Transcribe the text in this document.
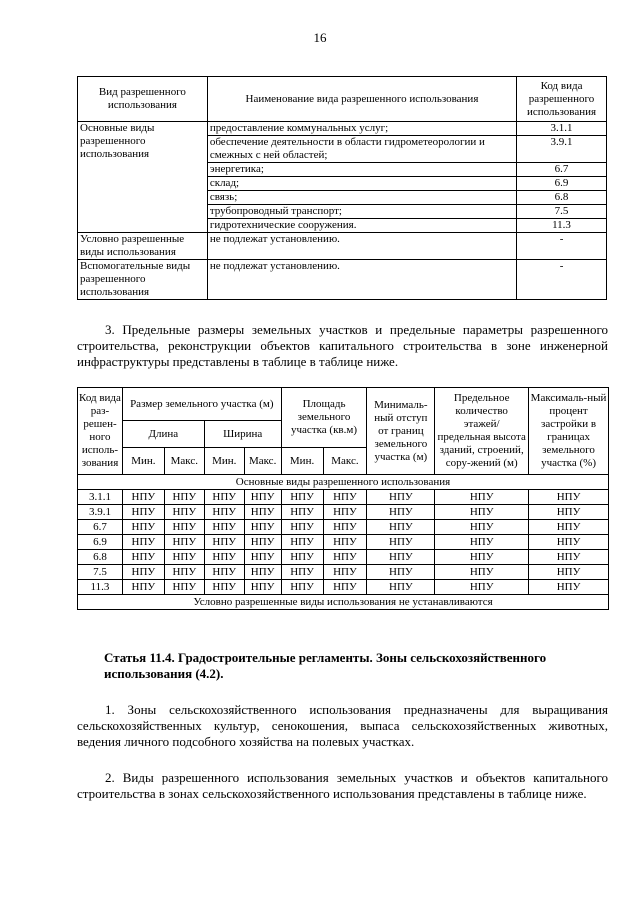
16
Вид разрешенного использования	Наименование вида разрешенного использования	Код вида разрешенного использования
Основные виды разрешенного использования	предоставление коммунальных услуг;	3.1.1
	обеспечение деятельности в области гидрометеорологии и смежных с ней областей;	3.9.1
	энергетика;	6.7
	склад;	6.9
	связь;	6.8
	трубопроводный транспорт;	7.5
	гидротехнические сооружения.	11.3
Условно разрешенные виды использования	не подлежат установлению.	-
Вспомогательные виды разрешенного использования	не подлежат установлению.	-

3. Предельные размеры земельных участков и предельные параметры разрешенного строительства, реконструкции объектов капитального строительства в зоне инженерной инфраструктуры представлены в таблице в таблице ниже.

Код вида раз-решен-ного исполь-зования	Размер земельного участка (м)				Площадь земельного участка (кв.м)		Минималь-ный отступ от границ земельного участка (м)	Предельное количество этажей/ предельная высота зданий, строений, сору-жений (м)	Максималь-ный процент застройки в границах земельного участка (%)
	Длина		Ширина						
	Мин.	Макс.	Мин.	Макс.	Мин.	Макс.			
Основные виды разрешенного использования									
3.1.1	НПУ	НПУ	НПУ	НПУ	НПУ	НПУ	НПУ	НПУ	НПУ
3.9.1	НПУ	НПУ	НПУ	НПУ	НПУ	НПУ	НПУ	НПУ	НПУ
6.7	НПУ	НПУ	НПУ	НПУ	НПУ	НПУ	НПУ	НПУ	НПУ
6.9	НПУ	НПУ	НПУ	НПУ	НПУ	НПУ	НПУ	НПУ	НПУ
6.8	НПУ	НПУ	НПУ	НПУ	НПУ	НПУ	НПУ	НПУ	НПУ
7.5	НПУ	НПУ	НПУ	НПУ	НПУ	НПУ	НПУ	НПУ	НПУ
11.3	НПУ	НПУ	НПУ	НПУ	НПУ	НПУ	НПУ	НПУ	НПУ
Условно разрешенные виды использования не устанавливаются									

Статья 11.4. Градостроительные регламенты. Зоны сельскохозяйственного использования (4.2).

1. Зоны сельскохозяйственного использования предназначены для выращивания сельскохозяйственных культур, сенокошения, выпаса сельскохозяйственных животных, ведения личного подсобного хозяйства на полевых участках.

2. Виды разрешенного использования земельных участков и объектов капитального строительства в зонах сельскохозяйственного использования представлены в таблице ниже.
